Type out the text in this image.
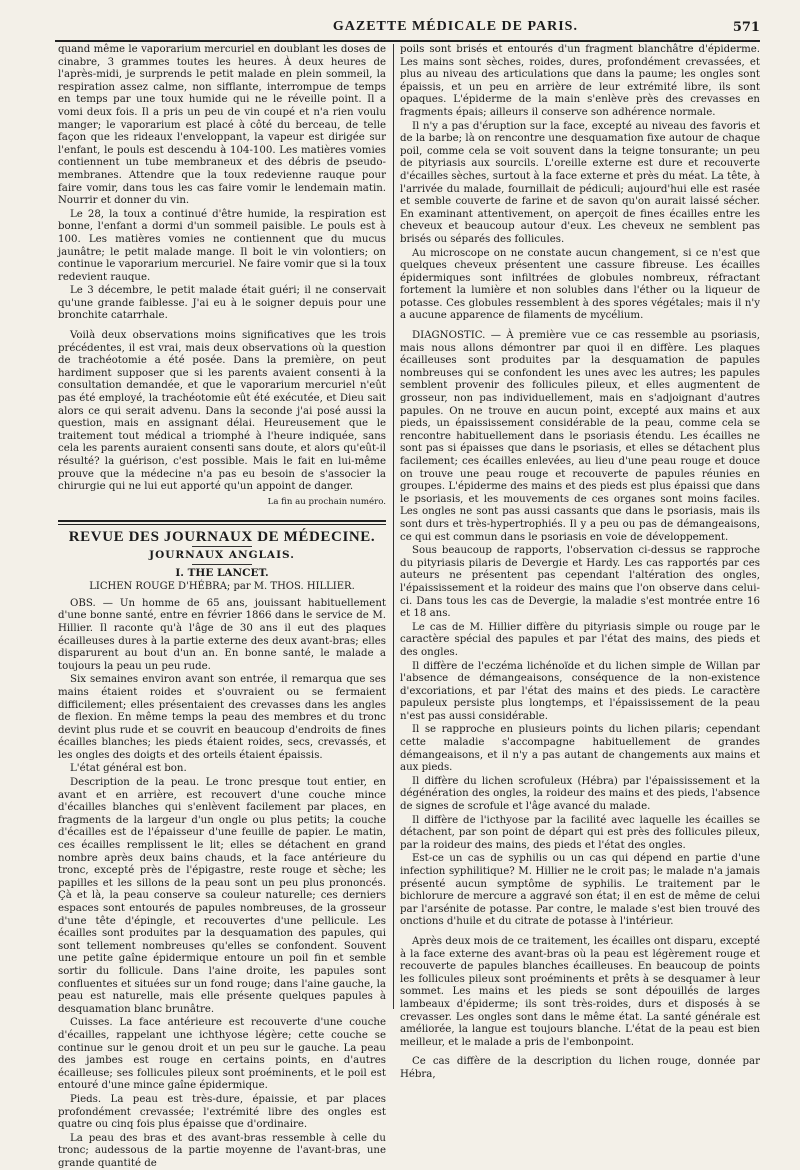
GAZETTE MÉDICALE DE PARIS.	571

quand même le vaporarium mercuriel en doublant les doses de cinabre, 3 grammes toutes les heures. À deux heures de l'après-midi, je surprends le petit malade en plein sommeil, la respiration assez calme, non sifflante, interrompue de temps en temps par une toux humide qui ne le réveille point. Il a vomi deux fois. Il a pris un peu de vin coupé et n'a rien voulu manger; le vaporarium est placé à côté du berceau, de telle façon que les rideaux l'enveloppant, la vapeur est dirigée sur l'enfant, le pouls est descendu à 104-100. Les matières vomies contiennent un tube membraneux et des débris de pseudo-membranes. Attendre que la toux redevienne rauque pour faire vomir, dans tous les cas faire vomir le lendemain matin. Nourrir et donner du vin.

Le 28, la toux a continué d'être humide, la respiration est bonne, l'enfant a dormi d'un sommeil paisible. Le pouls est à 100. Les matières vomies ne contiennent que du mucus jaunâtre; le petit malade mange. Il boit le vin volontiers; on continue le vaporarium mercuriel. Ne faire vomir que si la toux redevient rauque.

Le 3 décembre, le petit malade était guéri; il ne conservait qu'une grande faiblesse. J'ai eu à le soigner depuis pour une bronchite catarrhale.

Voilà deux observations moins significatives que les trois précédentes, il est vrai, mais deux observations où la question de trachéotomie a été posée. Dans la première, on peut hardiment supposer que si les parents avaient consenti à la consultation demandée, et que le vaporarium mercuriel n'eût pas été employé, la trachéotomie eût été exécutée, et Dieu sait alors ce qui serait advenu. Dans la seconde j'ai posé aussi la question, mais en assignant délai. Heureusement que le traitement tout médical a triomphé à l'heure indiquée, sans cela les parents auraient consenti sans doute, et alors qu'eût-il résulté? la guérison, c'est possible. Mais le fait en lui-même prouve que la médecine n'a pas eu besoin de s'associer la chirurgie qui ne lui eut apporté qu'un appoint de danger.

La fin au prochain numéro.

REVUE DES JOURNAUX DE MÉDECINE.
JOURNAUX ANGLAIS.
I. THE LANCET.
LICHEN ROUGE D'HÉBRA; par M. THOS. HILLIER.

OBS. — Un homme de 65 ans, jouissant habituellement d'une bonne santé, entre en février 1866 dans le service de M. Hillier. Il raconte qu'à l'âge de 30 ans il eut des plaques écailleuses dures à la partie externe des deux avant-bras; elles disparurent au bout d'un an. En bonne santé, le malade a toujours la peau un peu rude.

Six semaines environ avant son entrée, il remarqua que ses mains étaient roides et s'ouvraient ou se fermaient difficilement; elles présentaient des crevasses dans les angles de flexion. En même temps la peau des membres et du tronc devint plus rude et se couvrit en beaucoup d'endroits de fines écailles blanches; les pieds étaient roides, secs, crevassés, et les ongles des doigts et des orteils étaient épaissis.

L'état général est bon.

Description de la peau. Le tronc presque tout entier, en avant et en arrière, est recouvert d'une couche mince d'écailles blanches qui s'enlèvent facilement par places, en fragments de la largeur d'un ongle ou plus petits; la couche d'écailles est de l'épaisseur d'une feuille de papier. Le matin, ces écailles remplissent le lit; elles se détachent en grand nombre après deux bains chauds, et la face antérieure du tronc, excepté près de l'épigastre, reste rouge et sèche; les papilles et les sillons de la peau sont un peu plus prononcés. Çà et là, la peau conserve sa couleur naturelle; ces derniers espaces sont entourés de papules nombreuses, de la grosseur d'une tête d'épingle, et recouvertes d'une pellicule. Les écailles sont produites par la desquamation des papules, qui sont tellement nombreuses qu'elles se confondent. Souvent une petite gaîne épidermique entoure un poil fin et semble sortir du follicule. Dans l'aine droite, les papules sont confluentes et situées sur un fond rouge; dans l'aine gauche, la peau est naturelle, mais elle présente quelques papules à desquamation blanc brunâtre.

Cuisses. La face antérieure est recouverte d'une couche d'écailles, rappelant une ichthyose légère; cette couche se continue sur le genou droit et un peu sur le gauche. La peau des jambes est rouge en certains points, en d'autres écailleuse; ses follicules pileux sont proéminents, et le poil est entouré d'une mince gaîne épidermique.

Pieds. La peau est très-dure, épaissie, et par places profondément crevassée; l'extrémité libre des ongles est quatre ou cinq fois plus épaisse que d'ordinaire.

La peau des bras et des avant-bras ressemble à celle du tronc; audessous de la partie moyenne de l'avant-bras, une grande quantité de

poils sont brisés et entourés d'un fragment blanchâtre d'épiderme. Les mains sont sèches, roides, dures, profondément crevassées, et plus au niveau des articulations que dans la paume; les ongles sont épaissis, et un peu en arrière de leur extrémité libre, ils sont opaques. L'épiderme de la main s'enlève près des crevasses en fragments épais; ailleurs il conserve son adhérence normale.

Il n'y a pas d'éruption sur la face, excepté au niveau des favoris et de la barbe; là on rencontre une desquamation fixe autour de chaque poil, comme cela se voit souvent dans la teigne tonsurante; un peu de pityriasis aux sourcils. L'oreille externe est dure et recouverte d'écailles sèches, surtout à la face externe et près du méat. La tête, à l'arrivée du malade, fournillait de pédiculi; aujourd'hui elle est rasée et semble couverte de farine et de savon qu'on aurait laissé sécher. En examinant attentivement, on aperçoit de fines écailles entre les cheveux et beaucoup autour d'eux. Les cheveux ne semblent pas brisés ou séparés des follicules.

Au microscope on ne constate aucun changement, si ce n'est que quelques cheveux présentent une cassure fibreuse. Les écailles épidermiques sont infiltrées de globules nombreux, réfractant fortement la lumière et non solubles dans l'éther ou la liqueur de potasse. Ces globules ressemblent à des spores végétales; mais il n'y a aucune apparence de filaments de mycélium.

DIAGNOSTIC. — À première vue ce cas ressemble au psoriasis, mais nous allons démontrer par quoi il en diffère. Les plaques écailleuses sont produites par la desquamation de papules nombreuses qui se confondent les unes avec les autres; les papules semblent provenir des follicules pileux, et elles augmentent de grosseur, non pas individuellement, mais en s'adjoignant d'autres papules. On ne trouve en aucun point, excepté aux mains et aux pieds, un épaississement considérable de la peau, comme cela se rencontre habituellement dans le psoriasis étendu. Les écailles ne sont pas si épaisses que dans le psoriasis, et elles se détachent plus facilement; ces écailles enlevées, au lieu d'une peau rouge et douce on trouve une peau rouge et recouverte de papules réunies en groupes. L'épiderme des mains et des pieds est plus épaissi que dans le psoriasis, et les mouvements de ces organes sont moins faciles. Les ongles ne sont pas aussi cassants que dans le psoriasis, mais ils sont durs et très-hypertrophiés. Il y a peu ou pas de démangeaisons, ce qui est commun dans le psoriasis en voie de développement.

Sous beaucoup de rapports, l'observation ci-dessus se rapproche du pityriasis pilaris de Devergie et Hardy. Les cas rapportés par ces auteurs ne présentent pas cependant l'altération des ongles, l'épaississement et la roideur des mains que l'on observe dans celui-ci. Dans tous les cas de Devergie, la maladie s'est montrée entre 16 et 18 ans.

Le cas de M. Hillier diffère du pityriasis simple ou rouge par le caractère spécial des papules et par l'état des mains, des pieds et des ongles.

Il diffère de l'eczéma lichénoïde et du lichen simple de Willan par l'absence de démangeaisons, conséquence de la non-existence d'excoriations, et par l'état des mains et des pieds. Le caractère papuleux persiste plus longtemps, et l'épaississement de la peau n'est pas aussi considérable.

Il se rapproche en plusieurs points du lichen pilaris; cependant cette maladie s'accompagne habituellement de grandes démangeaisons, et il n'y a pas autant de changements aux mains et aux pieds.

Il diffère du lichen scrofuleux (Hébra) par l'épaississement et la dégénération des ongles, la roideur des mains et des pieds, l'absence de signes de scrofule et l'âge avancé du malade.

Il diffère de l'icthyose par la facilité avec laquelle les écailles se détachent, par son point de départ qui est près des follicules pileux, par la roideur des mains, des pieds et l'état des ongles.

Est-ce un cas de syphilis ou un cas qui dépend en partie d'une infection syphilitique? M. Hillier ne le croit pas; le malade n'a jamais présenté aucun symptôme de syphilis. Le traitement par le bichlorure de mercure a aggravé son état; il en est de même de celui par l'arsénite de potasse. Par contre, le malade s'est bien trouvé des onctions d'huile et du citrate de potasse à l'intérieur.

Après deux mois de ce traitement, les écailles ont disparu, excepté à la face externe des avant-bras où la peau est légèrement rouge et recouverte de papules blanches écailleuses. En beaucoup de points les follicules pileux sont proéminents et prêts à se desquamer à leur sommet. Les mains et les pieds se sont dépouillés de larges lambeaux d'épiderme; ils sont très-roides, durs et disposés à se crevasser. Les ongles sont dans le même état. La santé générale est améliorée, la langue est toujours blanche. L'état de la peau est bien meilleur, et le malade a pris de l'embonpoint.

Ce cas diffère de la description du lichen rouge, donnée par Hébra,
